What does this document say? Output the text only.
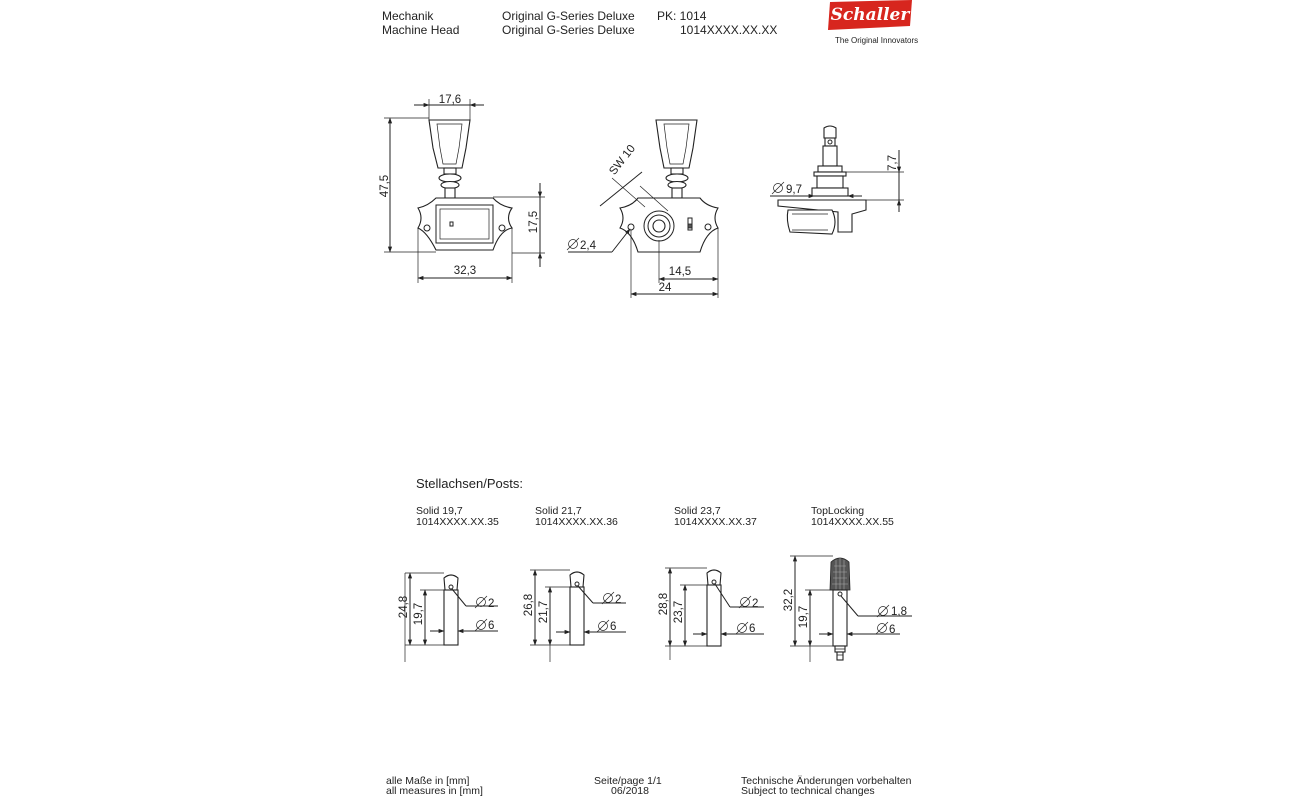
Mechanik
Machine Head
Original G-Series Deluxe
Original G-Series Deluxe
PK: 1014
1014XXXX.XX.XX
Schaller
The Original Innovators
17,6
47,5
17,5
32,3
SW 10
2,4
14,5
24
9,7
7,7
24,8 19,7	2
6
26,8 21,7
2
6
28,8 23,7	2
6
32,2
19,7	1,8
6
Stellachsen/Posts:
Solid 19,7
1014XXXX.XX.35
Solid 21,7
1014XXXX.XX.36
Solid 23,7
1014XXXX.XX.37
TopLocking
1014XXXX.XX.55
alle Maße in [mm]
all measures in [mm]
Seite/page 1/1
06/2018
Technische Änderungen vorbehalten
Subject to technical changes
